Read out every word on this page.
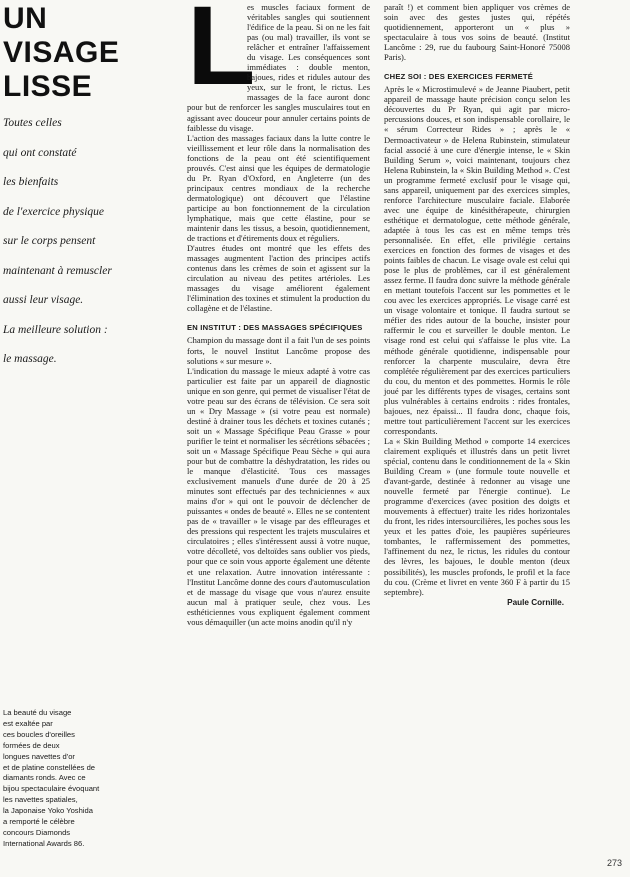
UN
VISAGE
LISSE
Toutes celles
qui ont constaté
les bienfaits
de l'exercice physique
sur le corps pensent
maintenant à remuscler
aussi leur visage.
La meilleure solution :
le massage.
La beauté du visage
est exaltée par
ces boucles d'oreilles
formées de deux
longues navettes d'or
et de platine constellées de
diamants ronds. Avec ce
bijou spectaculaire évoquant
les navettes spatiales,
la Japonaise Yoko Yoshida
a remporté le célèbre
concours Diamonds
International Awards 86.
L

es muscles faciaux forment de véritables sangles qui soutiennent l'édifice de la peau. Si on ne les fait pas (ou mal) travailler, ils vont se relâcher et entraîner l'affaissement du visage. Les conséquences sont immédiates : double menton, bajoues, rides et ridules autour des yeux, sur le front, le rictus. Les massages de la face auront donc pour but de renforcer les sangles musculaires tout en agissant avec douceur pour annuler certains points de faiblesse du visage.

L'action des massages faciaux dans la lutte contre le vieillissement et leur rôle dans la normalisation des fonctions de la peau ont été scientifiquement prouvés. C'est ainsi que les équipes de dermatologie du Pr. Ryan d'Oxford, en Angleterre (un des principaux centres mondiaux de la recherche dermatologique) ont découvert que l'élastine participe au bon fonctionnement de la circulation lymphatique, mais que cette élastine, pour se maintenir dans les tissus, a besoin, quotidiennement, de tractions et d'étirements doux et réguliers.

D'autres études ont montré que les effets des massages augmentent l'action des principes actifs contenus dans les crèmes de soin et agissent sur la circulation au niveau des petites artérioles. Les massages du visage améliorent également l'élimination des toxines et stimulent la production du collagène et de l'élastine.

EN INSTITUT : DES MASSAGES SPÉCIFIQUES

Champion du massage dont il a fait l'un de ses points forts, le nouvel Institut Lancôme propose des solutions « sur mesure ».

L'indication du massage le mieux adapté à votre cas particulier est faite par un appareil de diagnostic unique en son genre, qui permet de visualiser l'état de votre peau sur des écrans de télévision. Ce sera soit un « Dry Massage » (si votre peau est normale) destiné à drainer tous les déchets et toxines cutanés ; soit un « Massage Spécifique Peau Grasse » pour purifier le teint et normaliser les sécrétions sébacées ; soit un « Massage Spécifique Peau Sèche » qui aura pour but de combattre la déshydratation, les rides ou le manque d'élasticité. Tous ces massages exclusivement manuels d'une durée de 20 à 25 minutes sont effectués par des techniciennes « aux mains d'or » qui ont le pouvoir de déclencher de puissantes « ondes de beauté ». Elles ne se contentent pas de « travailler » le visage par des effleurages et des pressions qui respectent les trajets musculaires et circulatoires ; elles s'intéressent aussi à votre nuque, votre décolleté, vos deltoïdes sans oublier vos pieds, pour que ce soin vous apporte également une détente et une relaxation. Autre innovation intéressante : l'Institut Lancôme donne des cours d'automusculation et de massage du visage que vous n'aurez ensuite aucun mal à pratiquer seule, chez vous. Les esthéticiennes vous expliquent également comment vous démaquiller (un acte moins anodin qu'il n'y

paraît !) et comment bien appliquer vos crèmes de soin avec des gestes justes qui, répétés quotidiennement, apporteront un « plus » spectaculaire à tous vos soins de beauté. (Institut Lancôme : 29, rue du faubourg Saint-Honoré 75008 Paris).

CHEZ SOI : DES EXERCICES FERMETÉ

Après le « Microstimulevé » de Jeanne Piaubert, petit appareil de massage haute précision conçu selon les découvertes du Pr Ryan, qui agit par micro-percussions douces, et son indispensable corollaire, le « sérum Correcteur Rides » ; après le « Dermoactivateur » de Helena Rubinstein, stimulateur facial associé à une cure d'énergie intense, le « Skin Building Serum », voici maintenant, toujours chez Helena Rubinstein, la « Skin Building Method ». C'est un programme fermeté exclusif pour le visage qui, sans appareil, uniquement par des exercices simples, renforce l'architecture musculaire faciale. Elaborée avec une équipe de kinésithérapeute, chirurgien esthétique et dermatologue, cette méthode générale, adaptée à tous les cas est en même temps très personnalisée. En effet, elle privilégie certains exercices en fonction des formes de visages et des points faibles de chacun. Le visage ovale est celui qui pose le plus de problèmes, car il est généralement assez ferme. Il faudra donc suivre la méthode générale en mettant toutefois l'accent sur les pommettes et le cou avec les exercices appropriés. Le visage carré est un visage volontaire et tonique. Il faudra surtout se méfier des rides autour de la bouche, insister pour raffermir le cou et surveiller le double menton. Le visage rond est celui qui s'affaisse le plus vite. La méthode générale quotidienne, indispensable pour renforcer la charpente musculaire, devra être complétée régulièrement par des exercices particuliers du cou, du menton et des pommettes. Hormis le rôle joué par les différents types de visages, certains sont plus vulnérables à certains endroits : rides frontales, bajoues, nez épaissi... Il faudra donc, chaque fois, mettre tout particulièrement l'accent sur les exercices correspondants.

La « Skin Building Method » comporte 14 exercices clairement expliqués et illustrés dans un petit livret spécial, contenu dans le conditionnement de la « Skin Building Cream » (une formule toute nouvelle et d'avant-garde, destinée à redonner au visage une nouvelle fermeté par l'énergie continue). Le programme d'exercices (avec position des doigts et mouvements à effectuer) traite les rides horizontales du front, les rides intersourcilières, les poches sous les yeux et les pattes d'oie, les paupières supérieures tombantes, le raffermissement des pommettes, l'affinement du nez, le rictus, les ridules du contour des lèvres, les bajoues, le double menton (deux possibilités), les muscles profonds, le profil et la face du cou. (Crème et livret en vente 360 F à partir du 15 septembre).

Paule Cornille.
273
